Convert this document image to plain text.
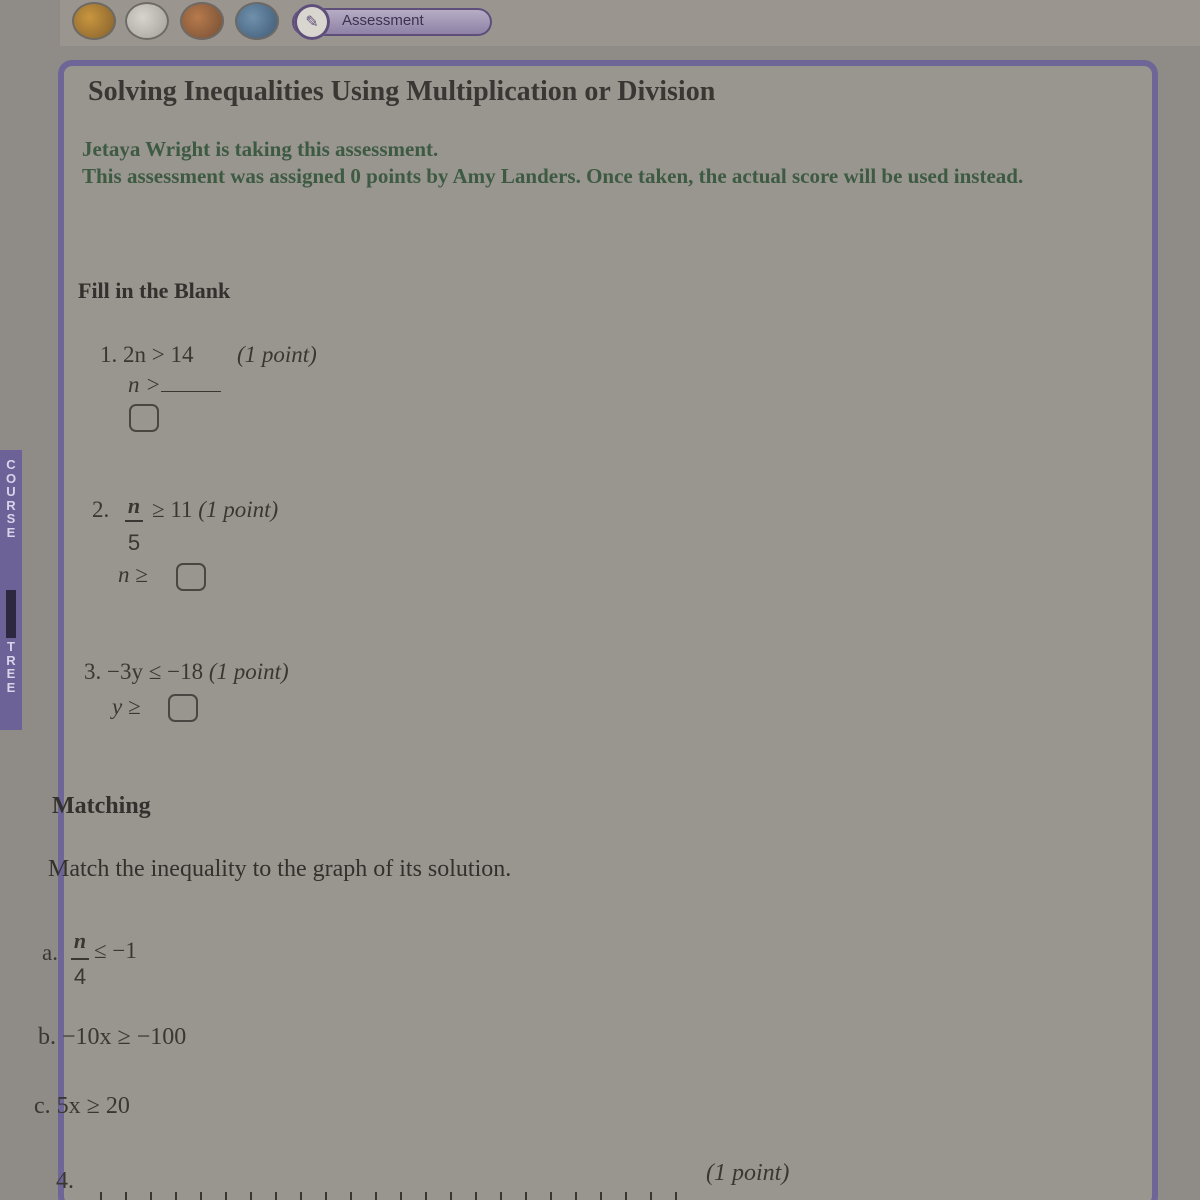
✎	Assessment
C
O
U
R
S
E
T
R
E
E
Solving Inequalities Using Multiplication or Division
Jetaya Wright is taking this assessment.
This assessment was assigned 0 points by Amy Landers. Once taken, the actual score will be used instead.
Fill in the Blank
1. 2n > 14 (1 point)
n >
2. n
5
≥ 11 (1 point)
n ≥
3. −3y ≤ −18 (1 point)
y ≥
Matching
Match the inequality to the graph of its solution.
a. n
4
≤ −1
b. −10x ≥ −100
c. 5x ≥ 20
4.	(1 point)
